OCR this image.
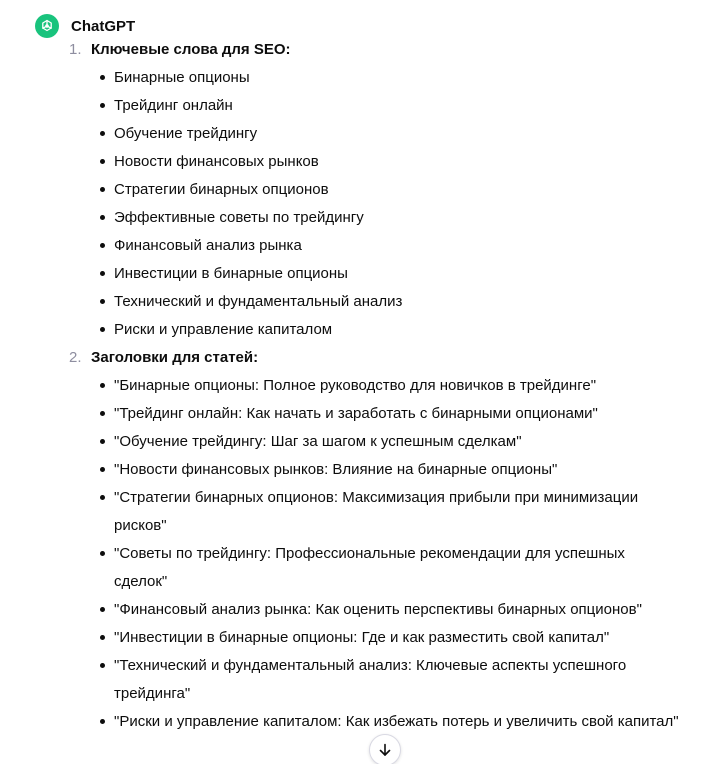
ChatGPT
1. Ключевые слова для SEO:
Бинарные опционы
Трейдинг онлайн
Обучение трейдингу
Новости финансовых рынков
Стратегии бинарных опционов
Эффективные советы по трейдингу
Финансовый анализ рынка
Инвестиции в бинарные опционы
Технический и фундаментальный анализ
Риски и управление капиталом
2. Заголовки для статей:
"Бинарные опционы: Полное руководство для новичков в трейдинге"
"Трейдинг онлайн: Как начать и заработать с бинарными опционами"
"Обучение трейдингу: Шаг за шагом к успешным сделкам"
"Новости финансовых рынков: Влияние на бинарные опционы"
"Стратегии бинарных опционов: Максимизация прибыли при минимизации рисков"
"Советы по трейдингу: Профессиональные рекомендации для успешных сделок"
"Финансовый анализ рынка: Как оценить перспективы бинарных опционов"
"Инвестиции в бинарные опционы: Где и как разместить свой капитал"
"Технический и фундаментальный анализ: Ключевые аспекты успешного трейдинга"
"Риски и управление капиталом: Как избежать потерь и увеличить свой капитал"
